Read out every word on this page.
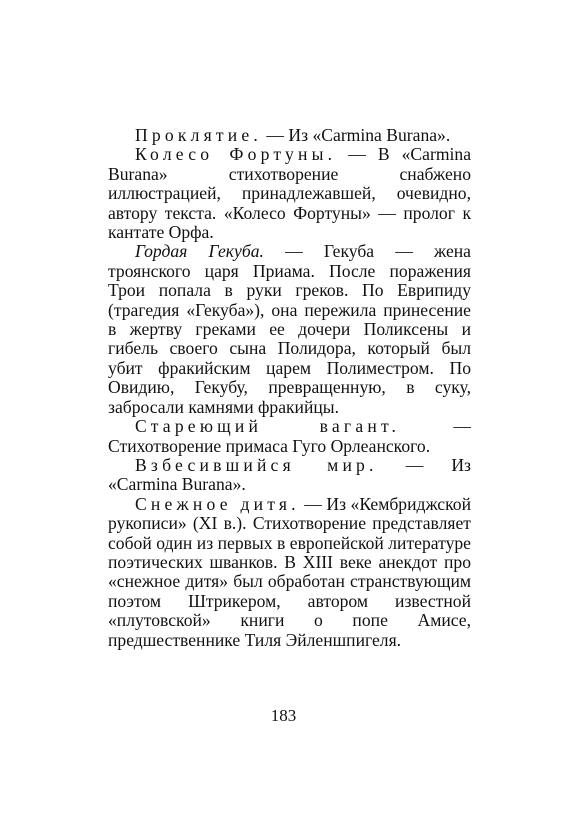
Проклятие. — Из «Carmina Burana».

Колесо Фортуны. — В «Carmina Burana» стихотворение снабжено иллюстрацией, принадлежавшей, очевидно, автору текста. «Колесо Фортуны» — пролог к кантате Орфа.

Гордая Гекуба. — Гекуба — жена троянского царя Приама. После поражения Трои попала в руки греков. По Еврипиду (трагедия «Гекуба»), она пережила принесение в жертву греками ее дочери Поликсены и гибель своего сына Полидора, который был убит фракийским царем Полиместром. По Овидию, Гекубу, превращенную, в суку, забросали камнями фракийцы.

Стареющий вагант. — Стихотворение примаса Гуго Орлеанского.

Взбесившийся мир. — Из «Carmina Burana».

Снежное дитя. — Из «Кембриджской рукописи» (XI в.). Стихотворение представляет собой один из первых в европейской литературе поэтических шванков. В XIII веке анекдот про «снежное дитя» был обработан странствующим поэтом Штрикером, автором известной «плутовской» книги о попе Амисе, предшественнике Тиля Эйленшпигеля.

183
